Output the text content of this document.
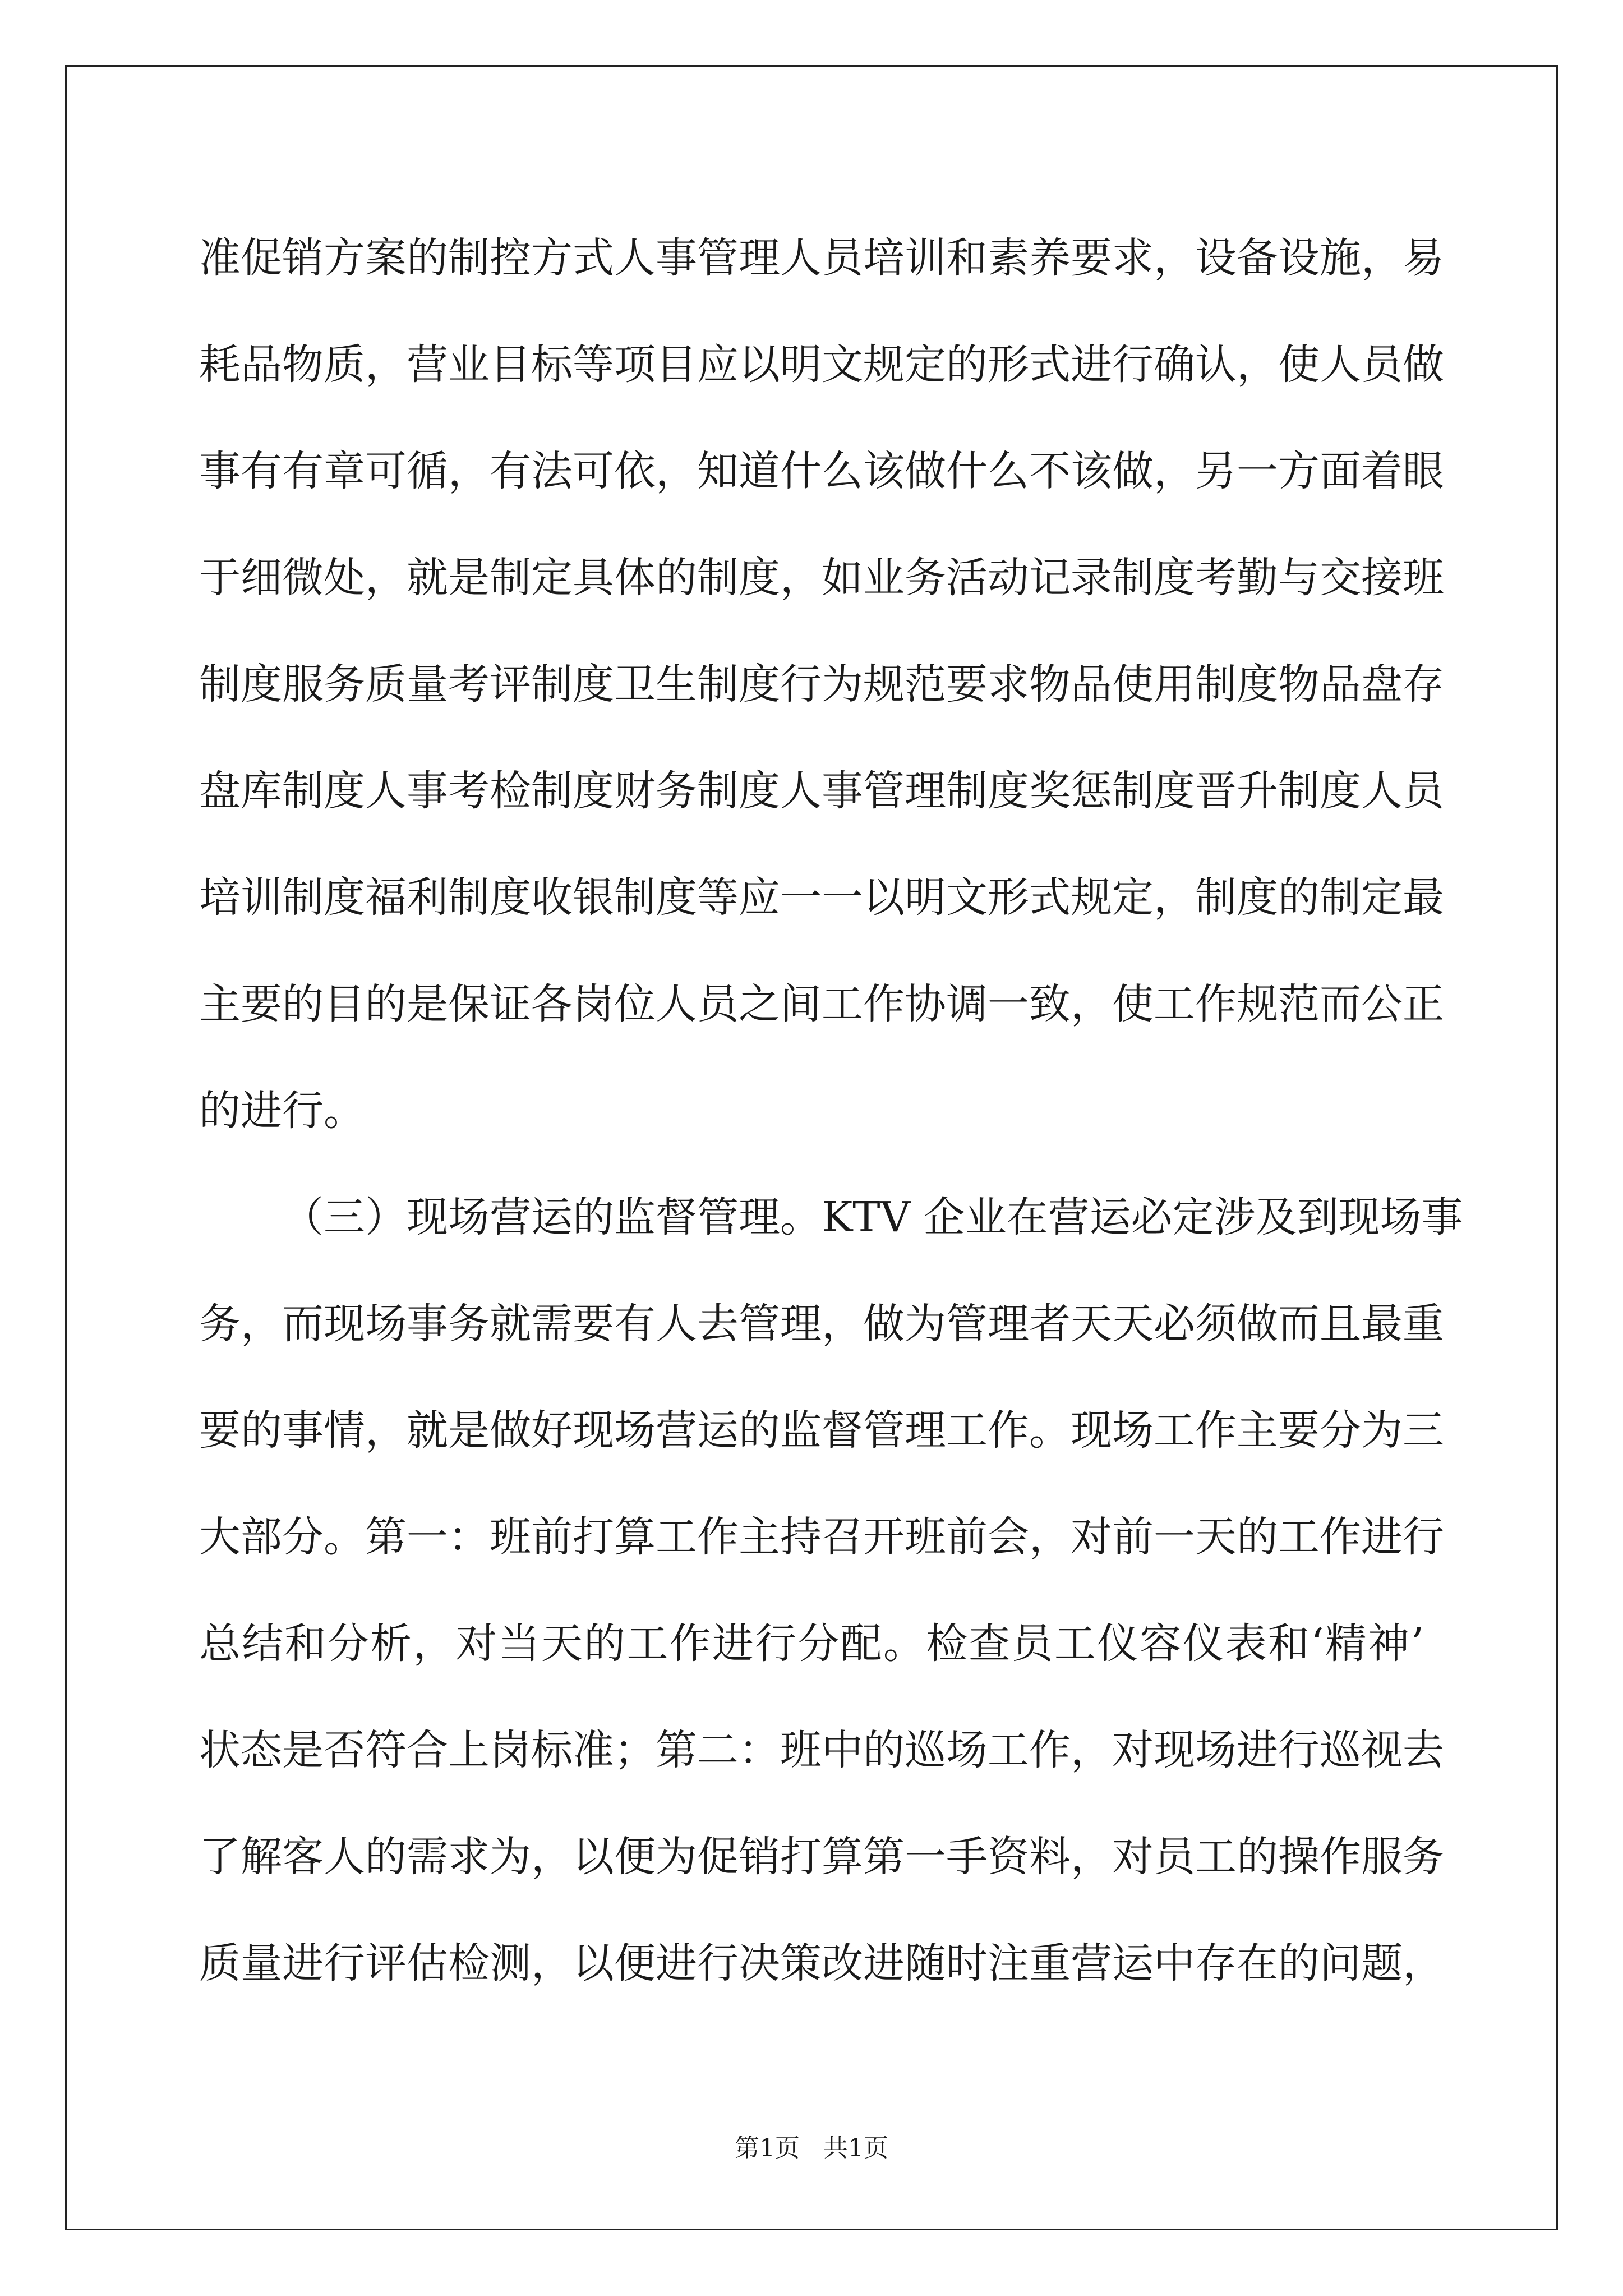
准促销方案的制控方式人事管理人员培训和素养要求，设备设施，易
耗品物质，营业目标等项目应以明文规定的形式进行确认，使人员做
事有有章可循，有法可依，知道什么该做什么不该做，另一方面着眼
于细微处，就是制定具体的制度，如业务活动记录制度考勤与交接班
制度服务质量考评制度卫生制度行为规范要求物品使用制度物品盘存
盘库制度人事考检制度财务制度人事管理制度奖惩制度晋升制度人员
培训制度福利制度收银制度等应一一以明文形式规定，制度的制定最
主要的目的是保证各岗位人员之间工作协调一致，使工作规范而公正
的进行。
（三）现场营运的监督管理。KTV 企业在营运必定涉及到现场事
务，而现场事务就需要有人去管理，做为管理者天天必须做而且最重
要的事情，就是做好现场营运的监督管理工作。现场工作主要分为三
大部分。第一：班前打算工作主持召开班前会，对前一天的工作进行
总结和分析，对当天的工作进行分配。检查员工仪容仪表和‘精神’
状态是否符合上岗标准；第二：班中的巡场工作，对现场进行巡视去
了解客人的需求为，以便为促销打算第一手资料，对员工的操作服务
质量进行评估检测，以便进行决策改进随时注重营运中存在的问题，
第1页   共1页
